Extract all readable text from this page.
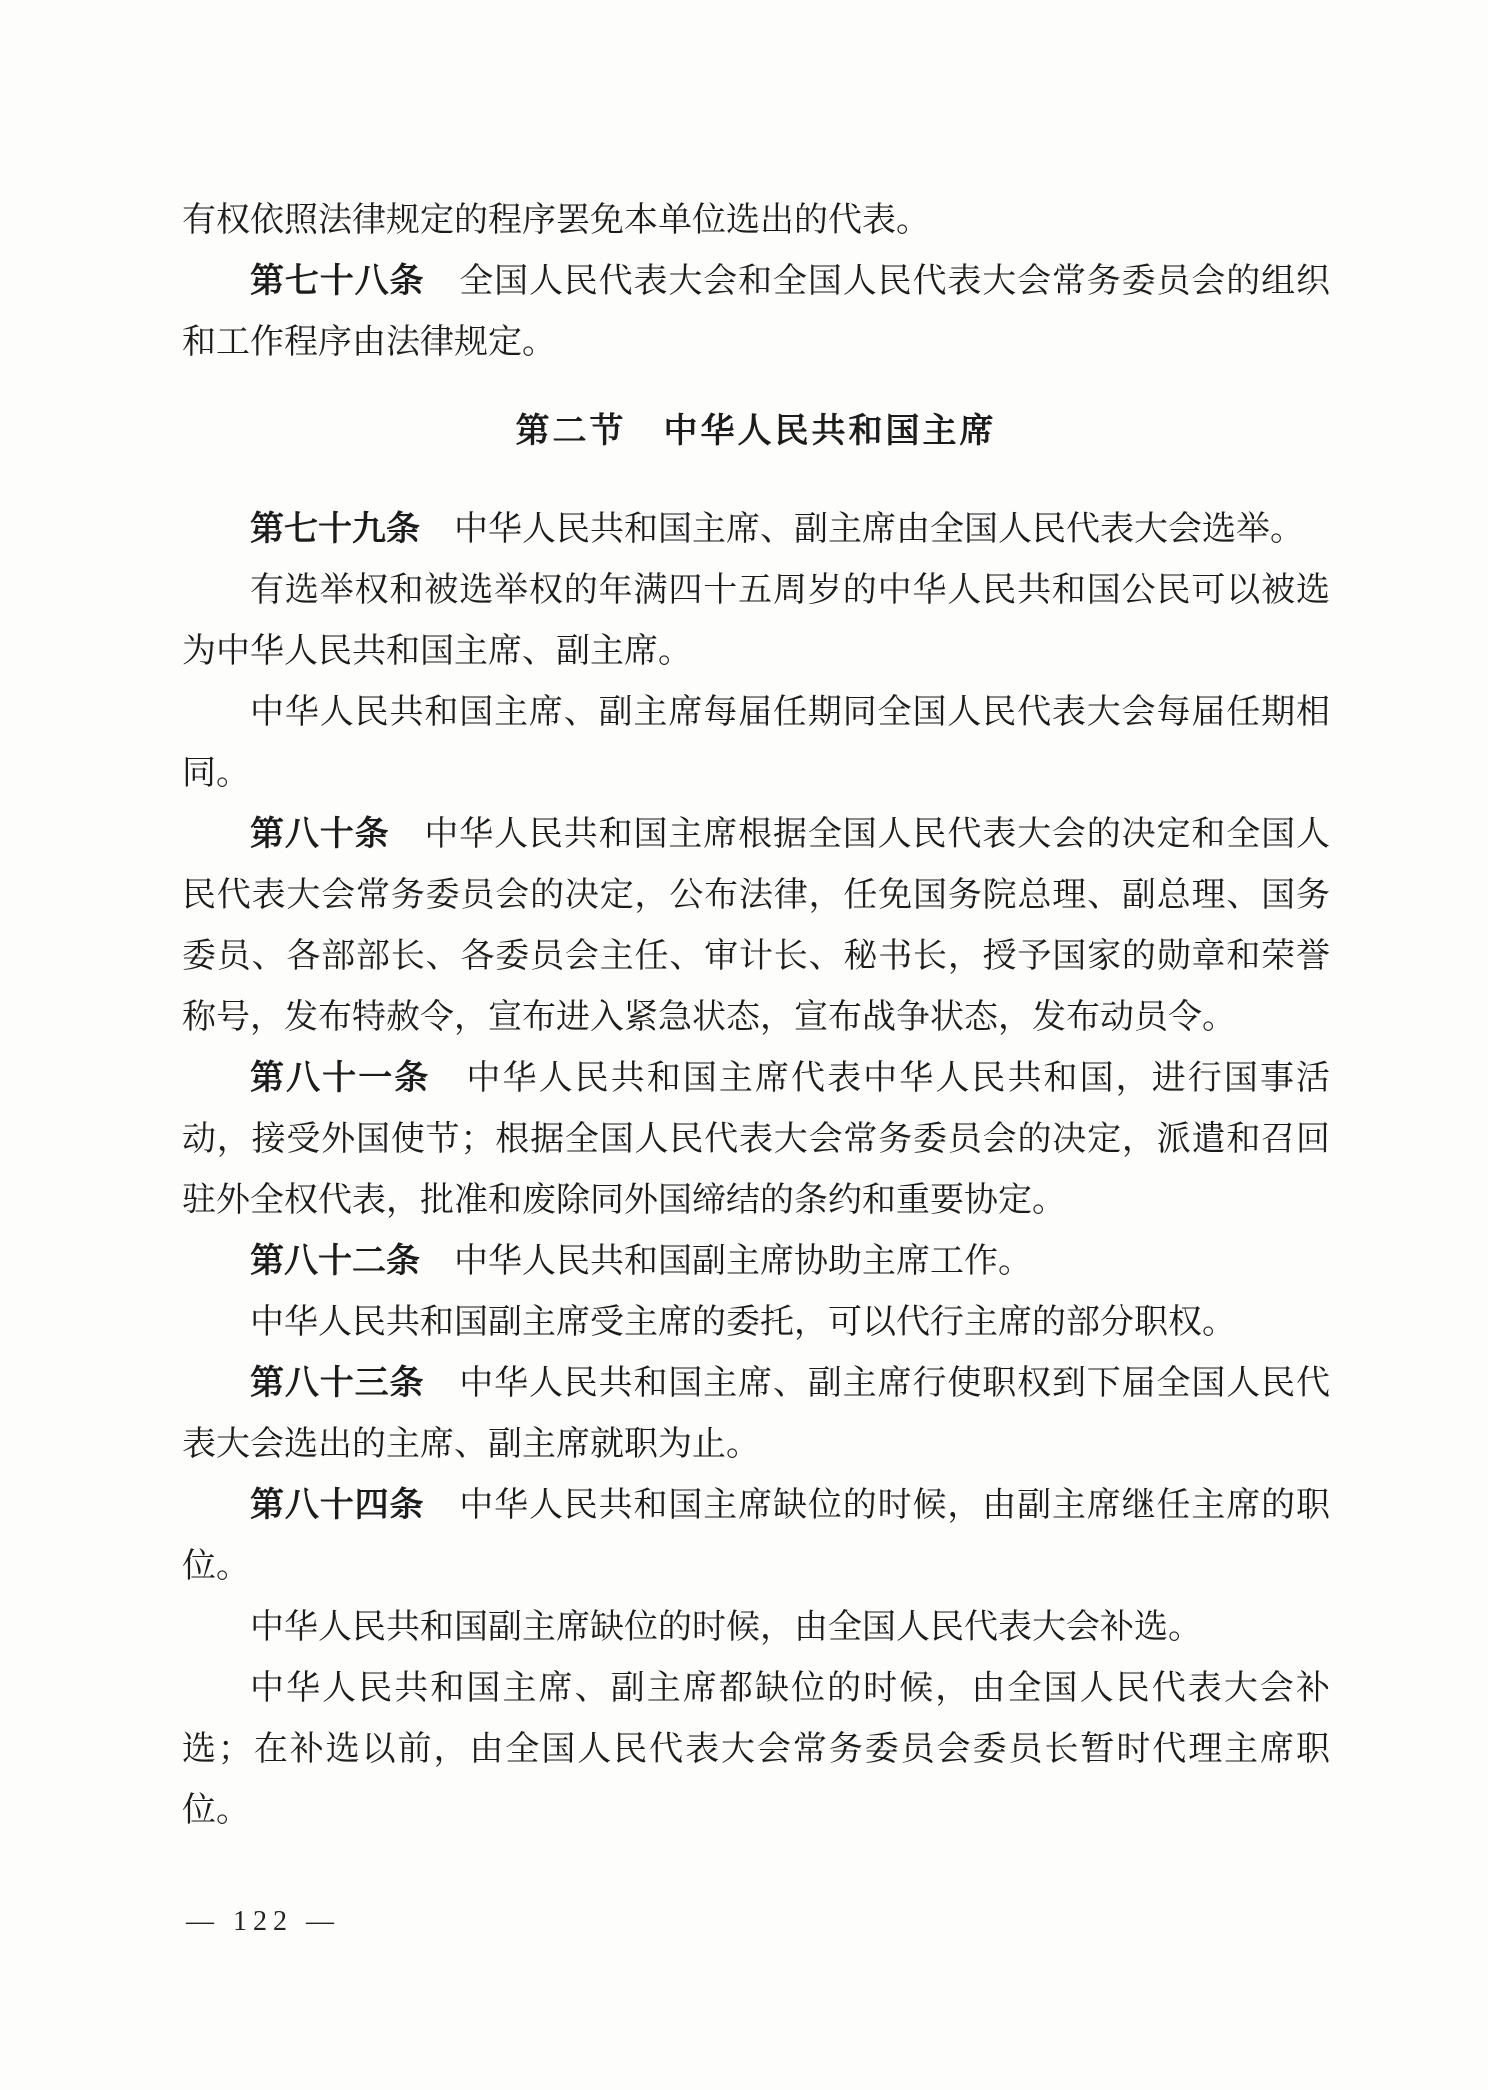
有权依照法律规定的程序罢免本单位选出的代表。
第七十八条　全国人民代表大会和全国人民代表大会常务委员会的组织
和工作程序由法律规定。
第二节　中华人民共和国主席
第七十九条　中华人民共和国主席、副主席由全国人民代表大会选举。
有选举权和被选举权的年满四十五周岁的中华人民共和国公民可以被选
为中华人民共和国主席、副主席。
中华人民共和国主席、副主席每届任期同全国人民代表大会每届任期相
同。
第八十条　中华人民共和国主席根据全国人民代表大会的决定和全国人
民代表大会常务委员会的决定，公布法律，任免国务院总理、副总理、国务
委员、各部部长、各委员会主任、审计长、秘书长，授予国家的勋章和荣誉
称号，发布特赦令，宣布进入紧急状态，宣布战争状态，发布动员令。
第八十一条　中华人民共和国主席代表中华人民共和国，进行国事活
动，接受外国使节；根据全国人民代表大会常务委员会的决定，派遣和召回
驻外全权代表，批准和废除同外国缔结的条约和重要协定。
第八十二条　中华人民共和国副主席协助主席工作。
中华人民共和国副主席受主席的委托，可以代行主席的部分职权。
第八十三条　中华人民共和国主席、副主席行使职权到下届全国人民代
表大会选出的主席、副主席就职为止。
第八十四条　中华人民共和国主席缺位的时候，由副主席继任主席的职
位。
中华人民共和国副主席缺位的时候，由全国人民代表大会补选。
中华人民共和国主席、副主席都缺位的时候，由全国人民代表大会补
选；在补选以前，由全国人民代表大会常务委员会委员长暂时代理主席职
位。
— 122 —
